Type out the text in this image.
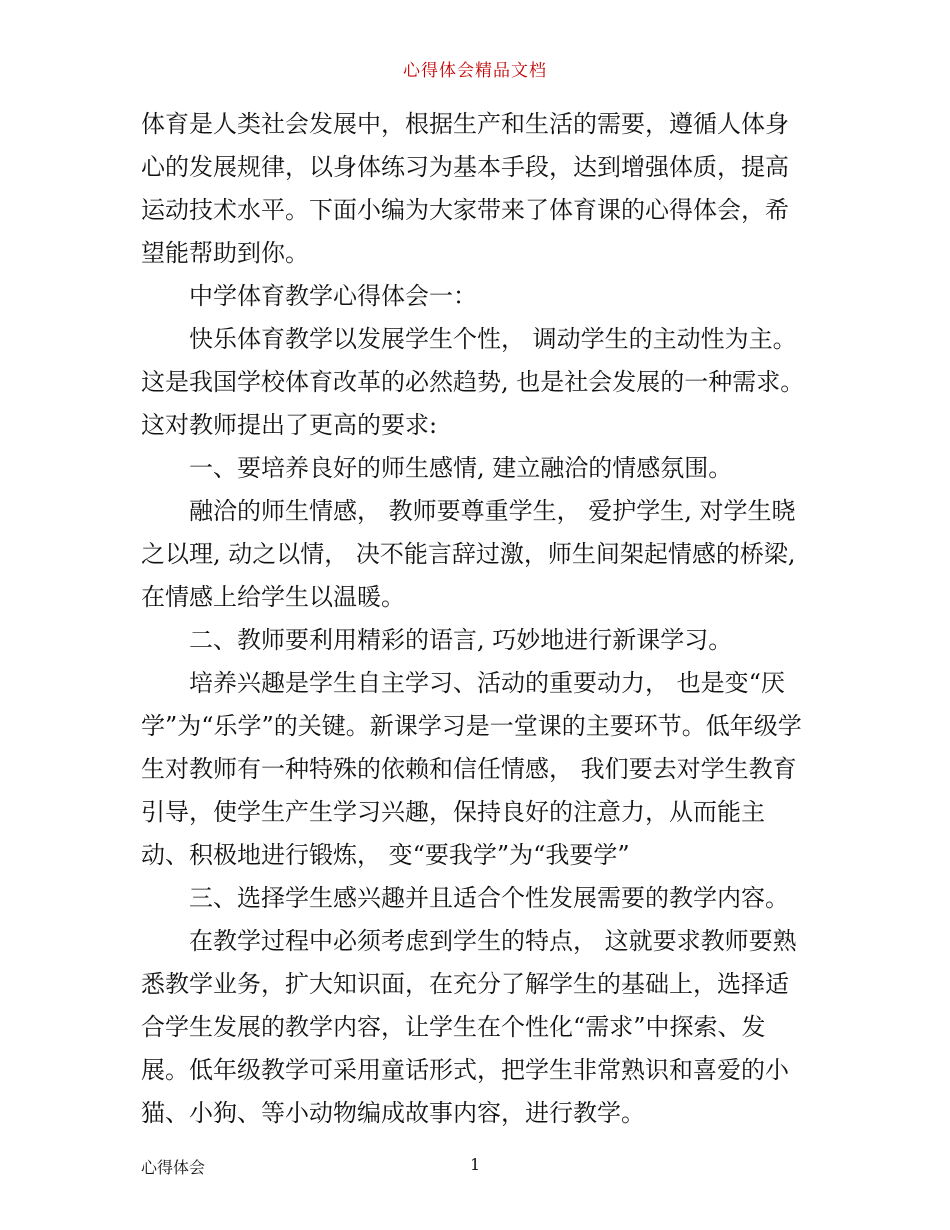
心得体会精品文档

体育是人类社会发展中，根据生产和生活的需要，遵循人体身心的发展规律，以身体练习为基本手段，达到增强体质，提高运动技术水平。下面小编为大家带来了体育课的心得体会，希望能帮助到你。

中学体育教学心得体会一：

快乐体育教学以发展学生个性， 调动学生的主动性为主。这是我国学校体育改革的必然趋势, 也是社会发展的一种需求。这对教师提出了更高的要求:

一、要培养良好的师生感情, 建立融洽的情感氛围。

融洽的师生情感， 教师要尊重学生， 爱护学生, 对学生晓之以理, 动之以情， 决不能言辞过激，师生间架起情感的桥梁, 在情感上给学生以温暖。

二、教师要利用精彩的语言, 巧妙地进行新课学习。

培养兴趣是学生自主学习、活动的重要动力， 也是变“厌学”为“乐学”的关键。新课学习是一堂课的主要环节。低年级学生对教师有一种特殊的依赖和信任情感， 我们要去对学生教育引导，使学生产生学习兴趣，保持良好的注意力，从而能主动、积极地进行锻炼， 变“要我学”为“我要学”

三、选择学生感兴趣并且适合个性发展需要的教学内容。

在教学过程中必须考虑到学生的特点， 这就要求教师要熟悉教学业务，扩大知识面，在充分了解学生的基础上，选择适合学生发展的教学内容，让学生在个性化“需求”中探索、发展。低年级教学可采用童话形式，把学生非常熟识和喜爱的小猫、小狗、等小动物编成故事内容，进行教学。

心得体会	1
